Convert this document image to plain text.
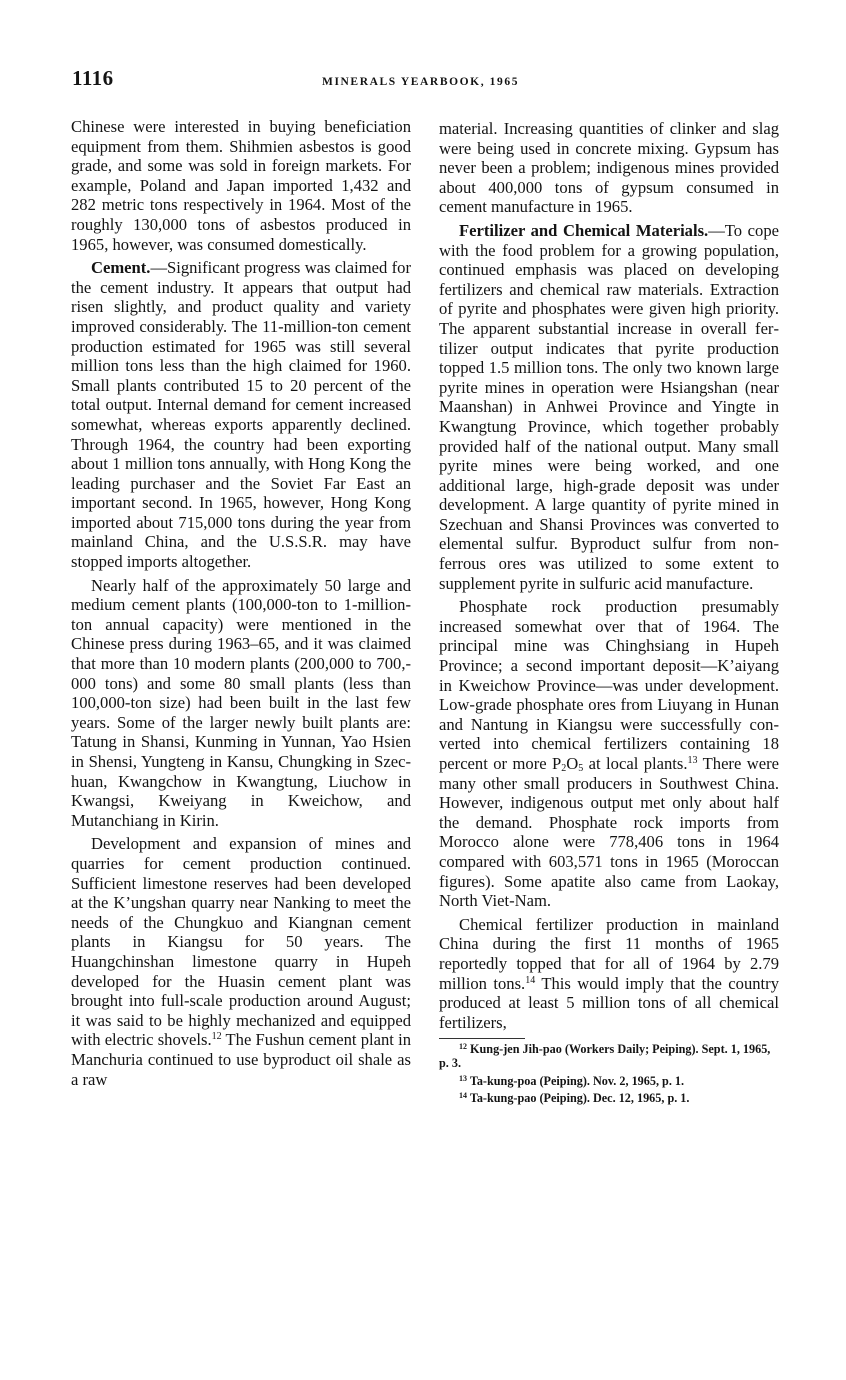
1116	MINERALS YEARBOOK, 1965

Chinese were interested in buying beneficiation equipment from them. Shihmien asbestos is good grade, and some was sold in foreign markets. For example, Poland and Japan imported 1,432 and 282 metric tons respectively in 1964. Most of the roughly 130,000 tons of asbestos produced in 1965, however, was consumed domestically.

Cement.—Significant progress was claimed for the cement industry. It appears that output had risen slightly, and product quality and variety improved considerably. The 11-million-ton cement production estimated for 1965 was still several million tons less than the high claimed for 1960. Small plants contributed 15 to 20 percent of the total output. Internal demand for cement increased somewhat, whereas exports apparently declined. Through 1964, the country had been exporting about 1 million tons annually, with Hong Kong the leading purchaser and the Soviet Far East an important second. In 1965, however, Hong Kong imported about 715,000 tons during the year from mainland China, and the U.S.S.R. may have stopped imports altogether.

Nearly half of the approximately 50 large and medium cement plants (100,000-ton to 1-million-ton annual capacity) were mentioned in the Chinese press during 1963–65, and it was claimed that more than 10 modern plants (200,000 to 700,000 tons) and some 80 small plants (less than 100,000-ton size) had been built in the last few years. Some of the larger newly built plants are: Tatung in Shansi, Kunming in Yunnan, Yao Hsien in Shensi, Yungteng in Kansu, Chungking in Szechuan, Kwangchow in Kwangtung, Liuchow in Kwangsi, Kweiyang in Kweichow, and Mutanchiang in Kirin.

Development and expansion of mines and quarries for cement production continued. Sufficient limestone reserves had been developed at the K’ungshan quarry near Nanking to meet the needs of the Chungkuo and Kiangnan cement plants in Kiangsu for 50 years. The Huangchinshan limestone quarry in Hupeh developed for the Huasin cement plant was brought into full-scale production around August; it was said to be highly mechanized and equipped with electric shovels.$^{12}$ The Fushun cement plant in Manchuria continued to use byproduct oil shale as a raw

material. Increasing quantities of clinker and slag were being used in concrete mixing. Gypsum has never been a problem; indigenous mines provided about 400,000 tons of gypsum consumed in cement manufacture in 1965.

Fertilizer and Chemical Materials.—To cope with the food problem for a growing population, continued emphasis was placed on developing fertilizers and chemical raw materials. Extraction of pyrite and phosphates were given high priority. The apparent substantial increase in overall fertilizer output indicates that pyrite production topped 1.5 million tons. The only two known large pyrite mines in operation were Hsiangshan (near Maanshan) in Anhwei Province and Yingte in Kwangtung Province, which together probably provided half of the national output. Many small pyrite mines were being worked, and one additional large, high-grade deposit was under development. A large quantity of pyrite mined in Szechuan and Shansi Provinces was converted to elemental sulfur. Byproduct sulfur from nonferrous ores was utilized to some extent to supplement pyrite in sulfuric acid manufacture.

Phosphate rock production presumably increased somewhat over that of 1964. The principal mine was Chinghsiang in Hupeh Province; a second important deposit—K’aiyang in Kweichow Province—was under development. Low-grade phosphate ores from Liuyang in Hunan and Nantung in Kiangsu were successfully converted into chemical fertilizers containing 18 percent or more $P_2O_5$ at local plants.$^{13}$ There were many other small producers in Southwest China. However, indigenous output met only about half the demand. Phosphate rock imports from Morocco alone were 778,406 tons in 1964 compared with 603,571 tons in 1965 (Moroccan figures). Some apatite also came from Laokay, North Viet-Nam.

Chemical fertilizer production in mainland China during the first 11 months of 1965 reportedly topped that for all of 1964 by 2.79 million tons.$^{14}$ This would imply that the country produced at least 5 million tons of all chemical fertilizers,

$^{12}$ Kung-jen Jih-pao (Workers Daily; Peiping). Sept. 1, 1965, p. 3.

$^{13}$ Ta-kung-poa (Peiping). Nov. 2, 1965, p. 1.

$^{14}$ Ta-kung-pao (Peiping). Dec. 12, 1965, p. 1.
